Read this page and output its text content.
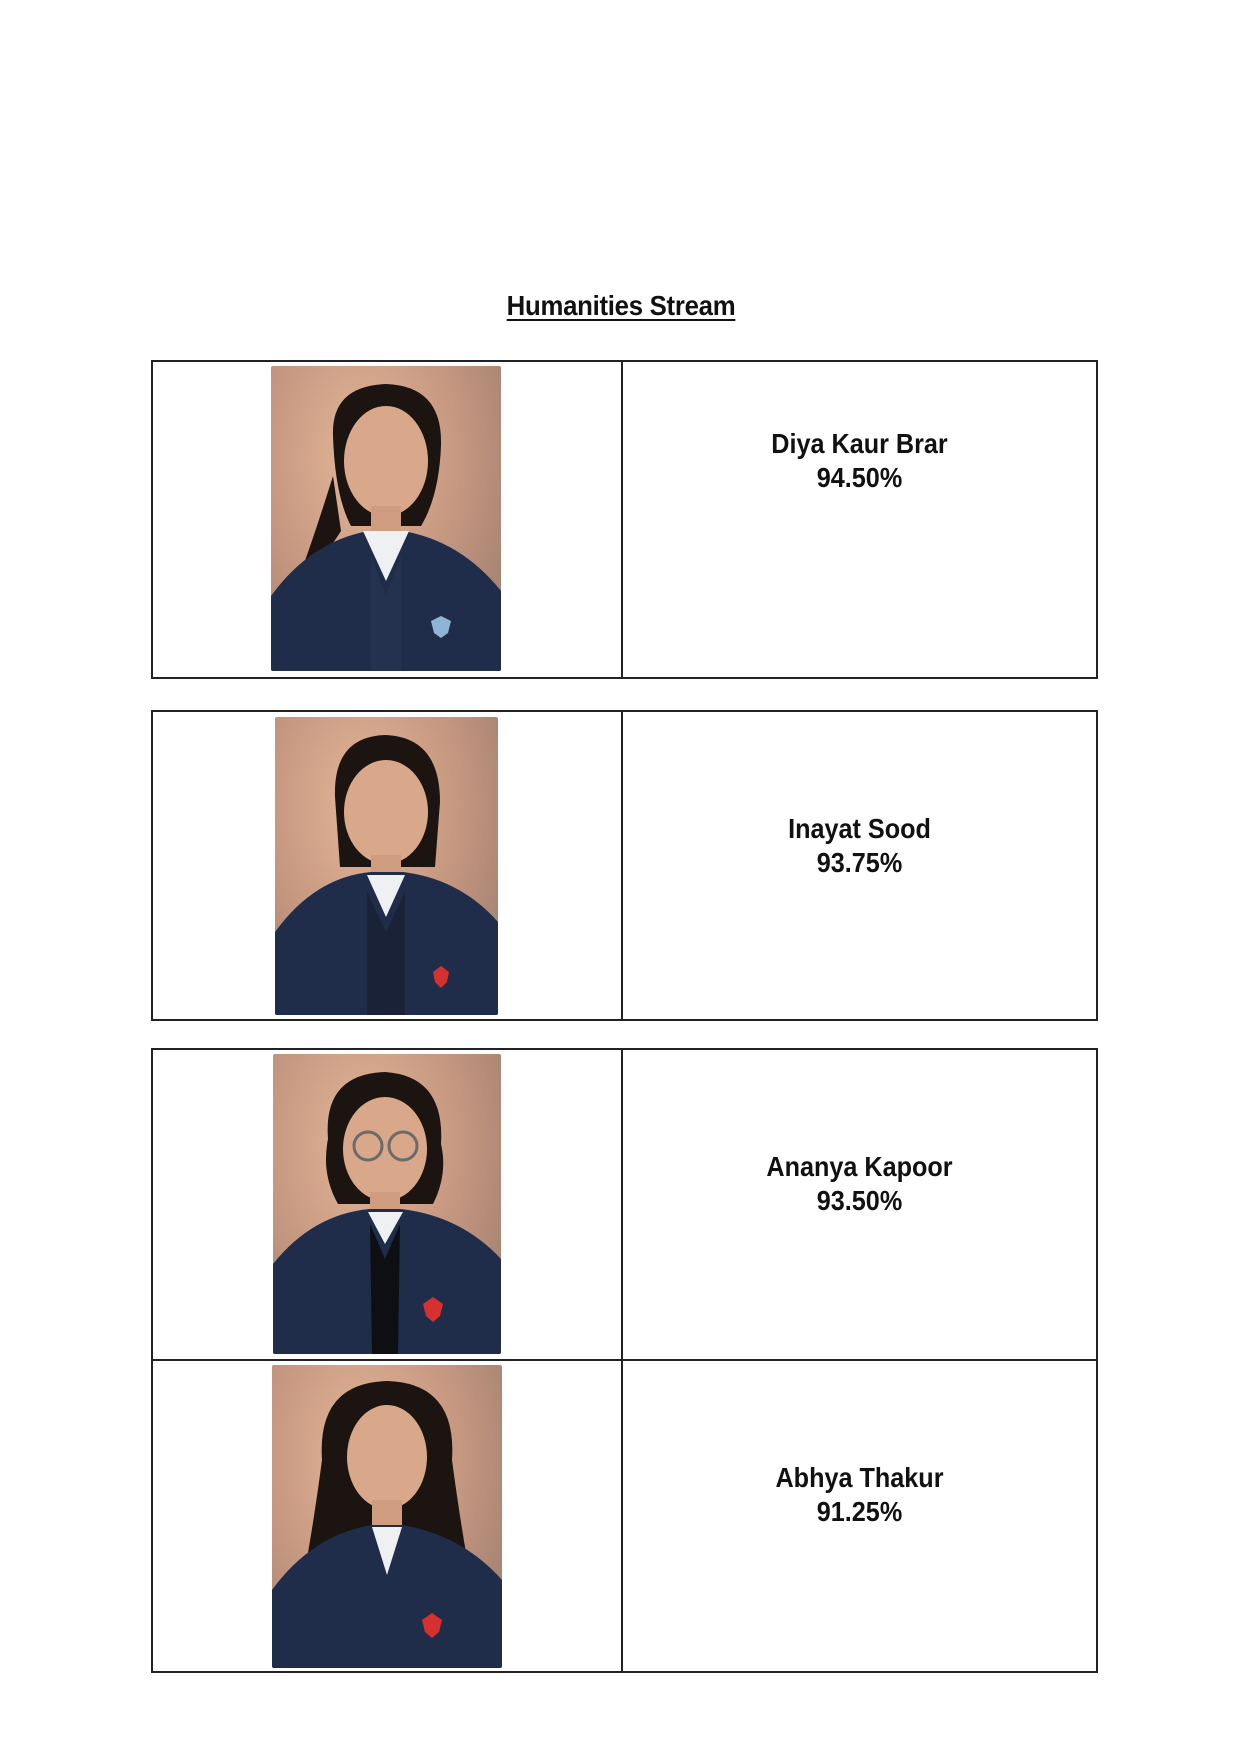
Humanities Stream

Diya Kaur Brar
94.50%

Inayat Sood
93.75%

Ananya Kapoor
93.50%

Abhya Thakur
91.25%
